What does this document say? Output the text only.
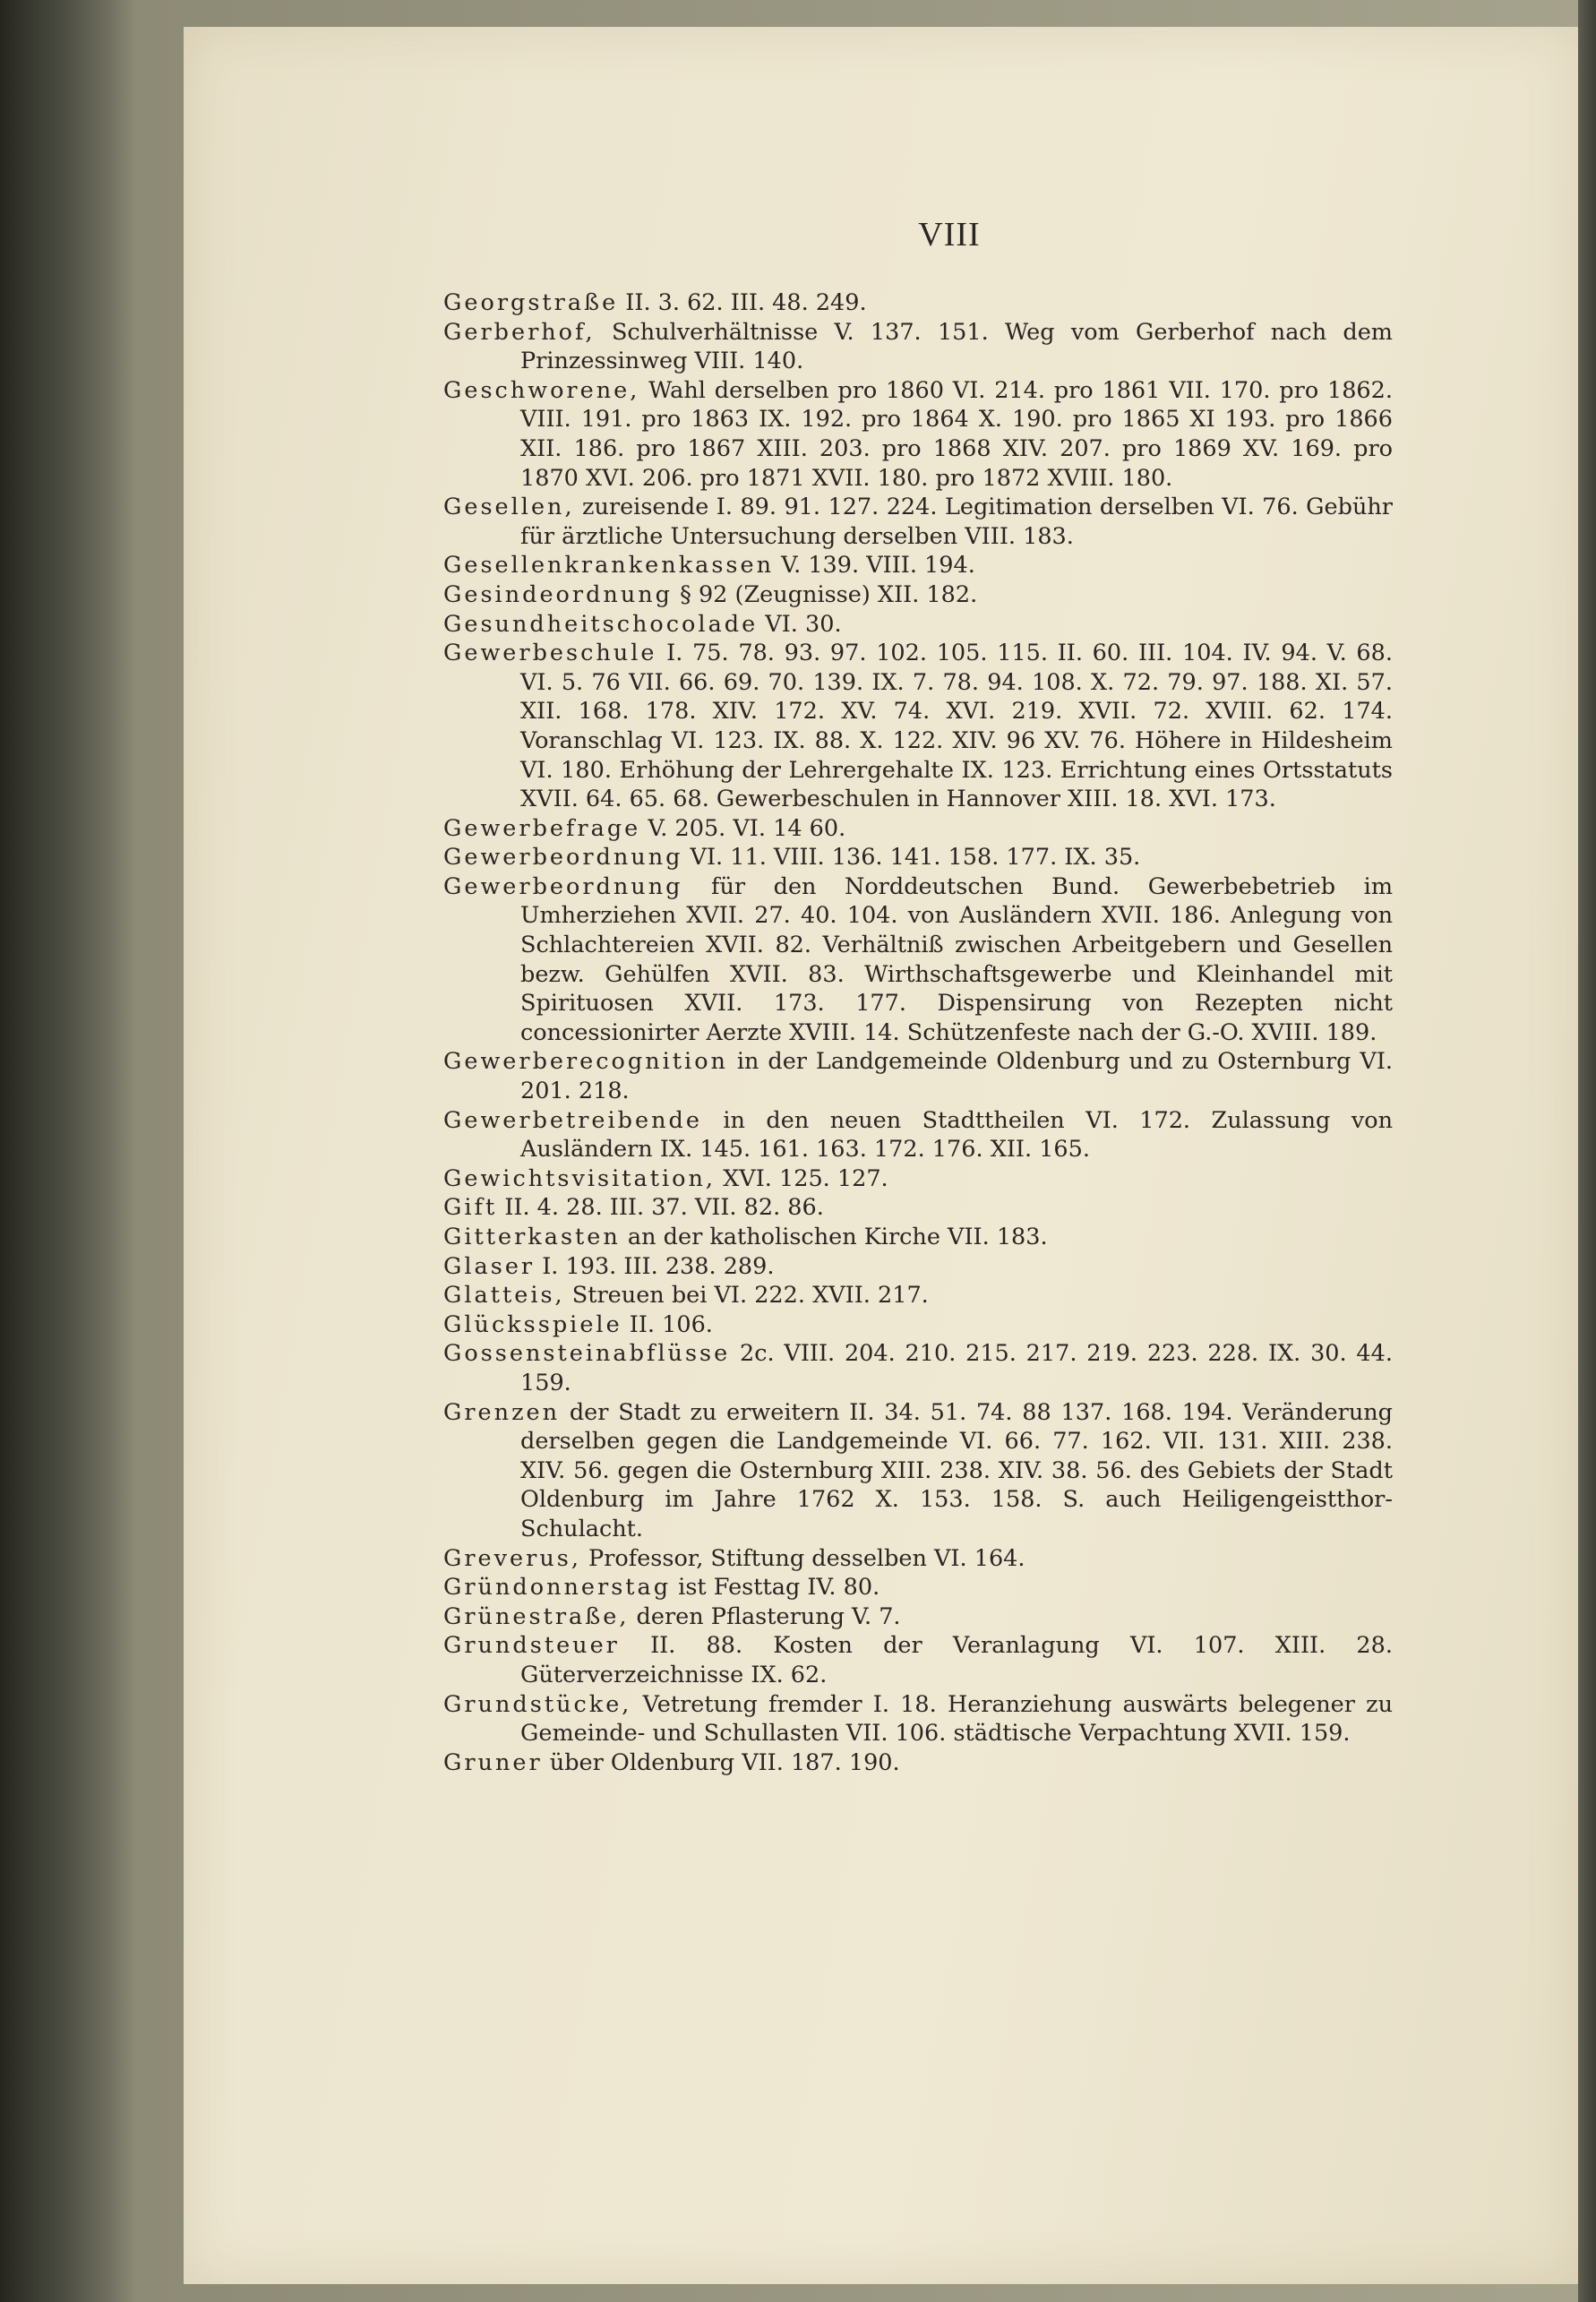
VIII

Georgstraße II. 3. 62. III. 48. 249.

Gerberhof, Schulverhältnisse V. 137. 151. Weg vom Gerberhof nach dem Prinzessinweg VIII. 140.

Geschworene, Wahl derselben pro 1860 VI. 214. pro 1861 VII. 170. pro 1862. VIII. 191. pro 1863 IX. 192. pro 1864 X. 190. pro 1865 XI 193. pro 1866 XII. 186. pro 1867 XIII. 203. pro 1868 XIV. 207. pro 1869 XV. 169. pro 1870 XVI. 206. pro 1871 XVII. 180. pro 1872 XVIII. 180.

Gesellen, zureisende I. 89. 91. 127. 224. Legitimation derselben VI. 76. Gebühr für ärztliche Untersuchung derselben VIII. 183.

Gesellenkrankenkassen V. 139. VIII. 194.

Gesindeordnung § 92 (Zeugnisse) XII. 182.

Gesundheitschocolade VI. 30.

Gewerbeschule I. 75. 78. 93. 97. 102. 105. 115. II. 60. III. 104. IV. 94. V. 68. VI. 5. 76 VII. 66. 69. 70. 139. IX. 7. 78. 94. 108. X. 72. 79. 97. 188. XI. 57. XII. 168. 178. XIV. 172. XV. 74. XVI. 219. XVII. 72. XVIII. 62. 174. Voranschlag VI. 123. IX. 88. X. 122. XIV. 96 XV. 76. Höhere in Hildesheim VI. 180. Erhöhung der Lehrergehalte IX. 123. Errichtung eines Ortsstatuts XVII. 64. 65. 68. Gewerbeschulen in Hannover XIII. 18. XVI. 173.

Gewerbefrage V. 205. VI. 14 60.

Gewerbeordnung VI. 11. VIII. 136. 141. 158. 177. IX. 35.

Gewerbeordnung für den Norddeutschen Bund. Gewerbebetrieb im Umherziehen XVII. 27. 40. 104. von Ausländern XVII. 186. Anlegung von Schlachtereien XVII. 82. Verhältniß zwischen Arbeitgebern und Gesellen bezw. Gehülfen XVII. 83. Wirthschaftsgewerbe und Kleinhandel mit Spirituosen XVII. 173. 177. Dispensirung von Rezepten nicht concessionirter Aerzte XVIII. 14. Schützenfeste nach der G.-O. XVIII. 189.

Gewerberecognition in der Landgemeinde Oldenburg und zu Osternburg VI. 201. 218.

Gewerbetreibende in den neuen Stadttheilen VI. 172. Zulassung von Ausländern IX. 145. 161. 163. 172. 176. XII. 165.

Gewichtsvisitation, XVI. 125. 127.

Gift II. 4. 28. III. 37. VII. 82. 86.

Gitterkasten an der katholischen Kirche VII. 183.

Glaser I. 193. III. 238. 289.

Glatteis, Streuen bei VI. 222. XVII. 217.

Glücksspiele II. 106.

Gossensteinabflüsse 2c. VIII. 204. 210. 215. 217. 219. 223. 228. IX. 30. 44. 159.

Grenzen der Stadt zu erweitern II. 34. 51. 74. 88 137. 168. 194. Veränderung derselben gegen die Landgemeinde VI. 66. 77. 162. VII. 131. XIII. 238. XIV. 56. gegen die Osternburg XIII. 238. XIV. 38. 56. des Gebiets der Stadt Oldenburg im Jahre 1762 X. 153. 158. S. auch Heiligengeistthor-Schulacht.

Greverus, Professor, Stiftung desselben VI. 164.

Gründonnerstag ist Festtag IV. 80.

Grünestraße, deren Pflasterung V. 7.

Grundsteuer II. 88. Kosten der Veranlagung VI. 107. XIII. 28. Güterverzeichnisse IX. 62.

Grundstücke, Vetretung fremder I. 18. Heranziehung auswärts belegener zu Gemeinde- und Schullasten VII. 106. städtische Verpachtung XVII. 159.

Gruner über Oldenburg VII. 187. 190.
